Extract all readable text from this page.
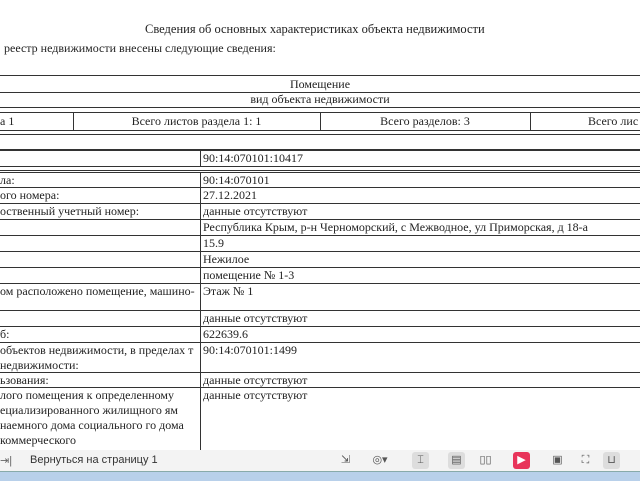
Сведения об основных характеристиках объекта недвижимости
реестр недвижимости внесены следующие сведения:
Помещение
вид объекта недвижимости
а 1	Всего листов раздела 1: 1	Всего разделов: 3	Всего лис
90:14:070101:10417
ла:	90:14:070101
ого номера:	27.12.2021
оственный учетный номер:	данные отсутствуют
Республика Крым, р-н Черноморский, с Межводное, ул Приморская, д 18-а
15.9
Нежилое
помещение № 1-3
ом расположено помещение, машино- Этаж № 1
данные отсутствуют
б:	622639.6
объектов недвижимости, в пределах т недвижимости:
90:14:070101:1499
ьзования:	данные отсутствуют
лого помещения к определенному ециализированного жилищного ям наемного дома социального го дома коммерческого
данные отсутствуют
⇥| Вернуться на страницу 1	⇲	◎▾	⌶	▤ ▯▯	▶	▣	⛶	⊔
